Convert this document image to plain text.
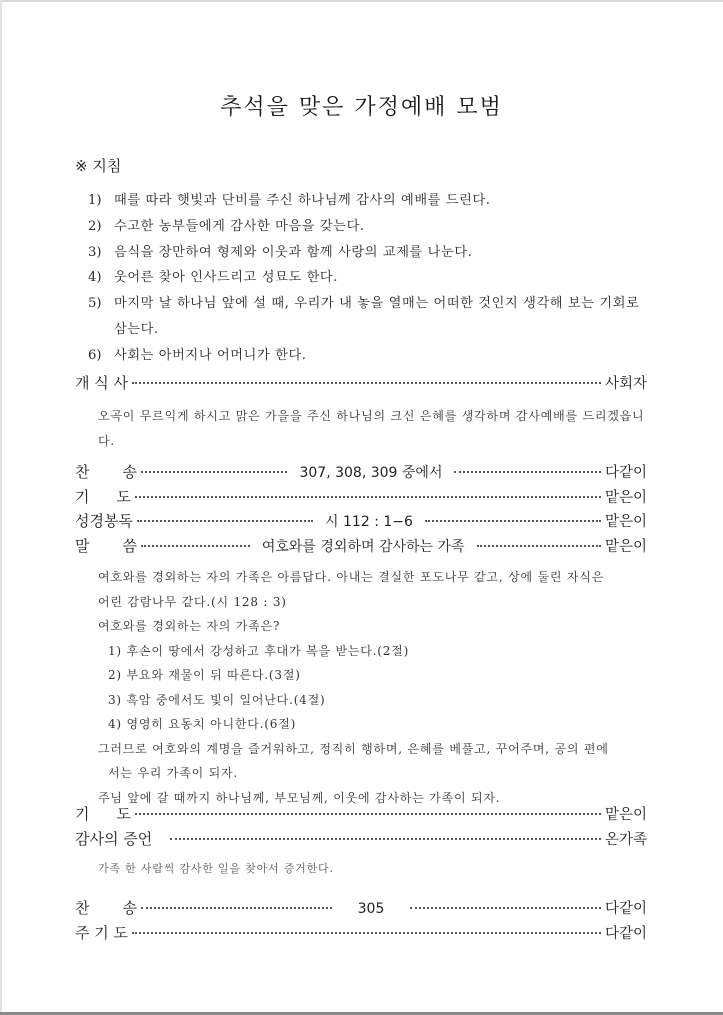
추석을 맞은 가정예배 모범
※ 지침
1) 때를 따라 햇빛과 단비를 주신 하나님께 감사의 예배를 드린다.
2) 수고한 농부들에게 감사한 마음을 갖는다.
3) 음식을 장만하여 형제와 이웃과 함께 사랑의 교제를 나눈다.
4) 웃어른 찾아 인사드리고 성묘도 한다.
5) 마지막 날 하나님 앞에 설 때, 우리가 내 놓을 열매는 어떠한 것인지 생각해 보는 기회로 삼는다.
6) 사회는 아버지나 어머니가 한다.
개 식 사	사회자
오곡이 무르익게 하시고 맑은 가을을 주신 하나님의 크신 은혜를 생각하며 감사예배를 드리겠읍니다.
찬 송	307, 308, 309 중에서	다같이
기 도	맡은이
성경봉독	시 112 : 1−6	맡은이
말 씀	여호와를 경외하며 감사하는 가족	맡은이
여호와를 경외하는 자의 가족은 아름답다. 아내는 결실한 포도나무 같고, 상에 둘린 자식은
어린 감람나무 같다.(시 128 : 3)
여호와를 경외하는 자의 가족은?
1) 후손이 땅에서 강성하고 후대가 복을 받는다.(2절)
2) 부요와 재물이 뒤 따른다.(3절)
3) 흑암 중에서도 빛이 일어난다.(4절)
4) 영영히 요동치 아니한다.(6절)
그러므로 여호와의 계명을 즐거워하고, 정직히 행하며, 은혜를 베풀고, 꾸어주며, 공의 편에
서는 우리 가족이 되자.
주님 앞에 갈 때까지 하나님께, 부모님께, 이웃에 감사하는 가족이 되자.
기 도	맡은이
감사의 증언	온가족
가족 한 사람씩 감사한 일을 찾아서 증거한다.
찬 송	305	다같이
주 기 도	다같이
